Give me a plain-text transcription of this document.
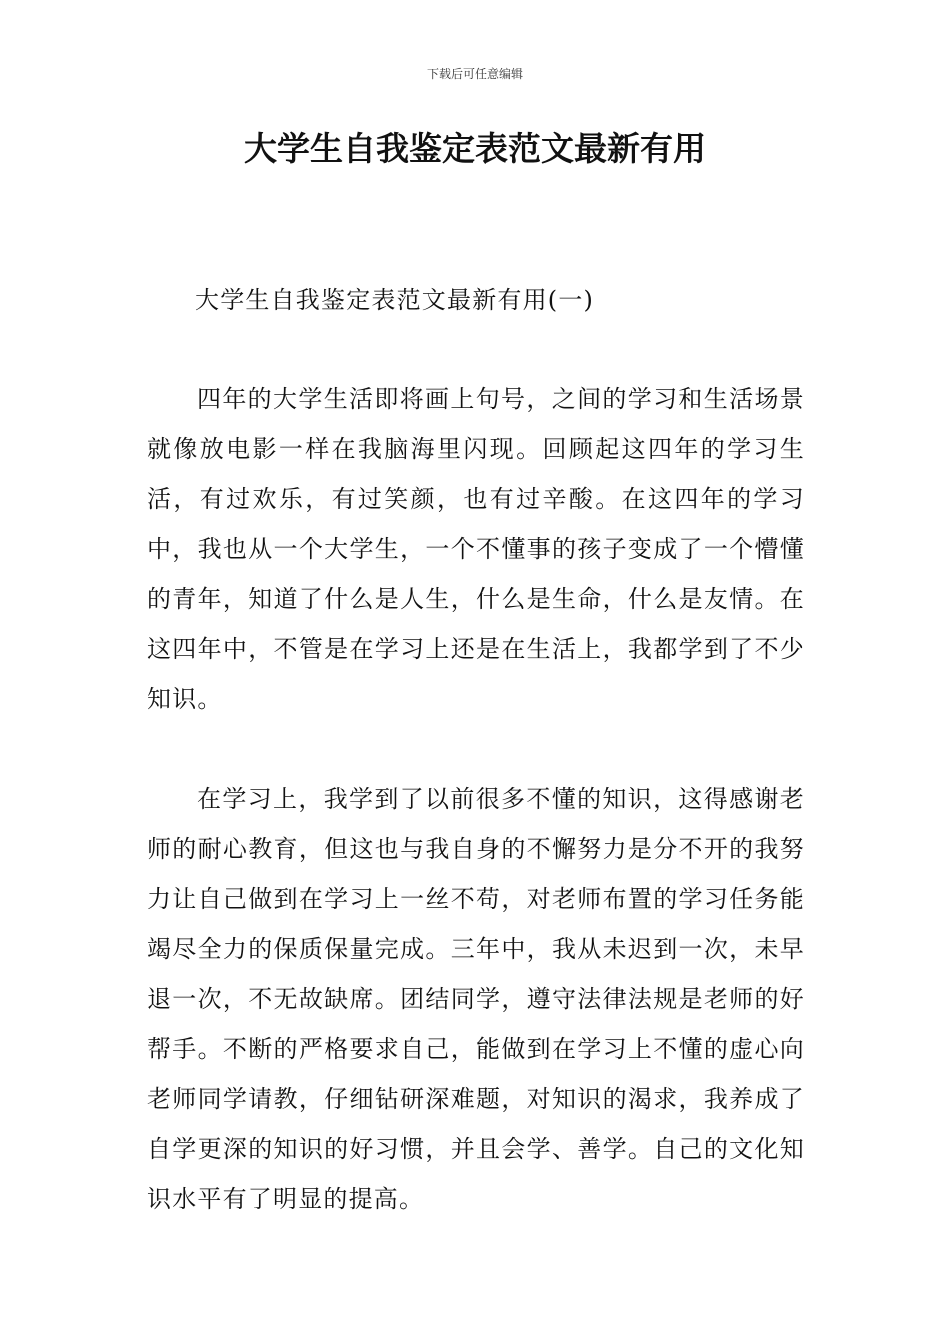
下载后可任意编辑
大学生自我鉴定表范文最新有用

大学生自我鉴定表范文最新有用(一)

四年的大学生活即将画上句号，之间的学习和生活场景就像放电影一样在我脑海里闪现。回顾起这四年的学习生活，有过欢乐，有过笑颜，也有过辛酸。在这四年的学习中，我也从一个大学生，一个不懂事的孩子变成了一个懵懂的青年，知道了什么是人生，什么是生命，什么是友情。在这四年中，不管是在学习上还是在生活上，我都学到了不少知识。

在学习上，我学到了以前很多不懂的知识，这得感谢老师的耐心教育，但这也与我自身的不懈努力是分不开的我努力让自己做到在学习上一丝不苟，对老师布置的学习任务能竭尽全力的保质保量完成。三年中，我从未迟到一次，未早退一次，不无故缺席。团结同学，遵守法律法规是老师的好帮手。不断的严格要求自己，能做到在学习上不懂的虚心向老师同学请教，仔细钻研深难题，对知识的渴求，我养成了自学更深的知识的好习惯，并且会学、善学。自己的文化知识水平有了明显的提高。
